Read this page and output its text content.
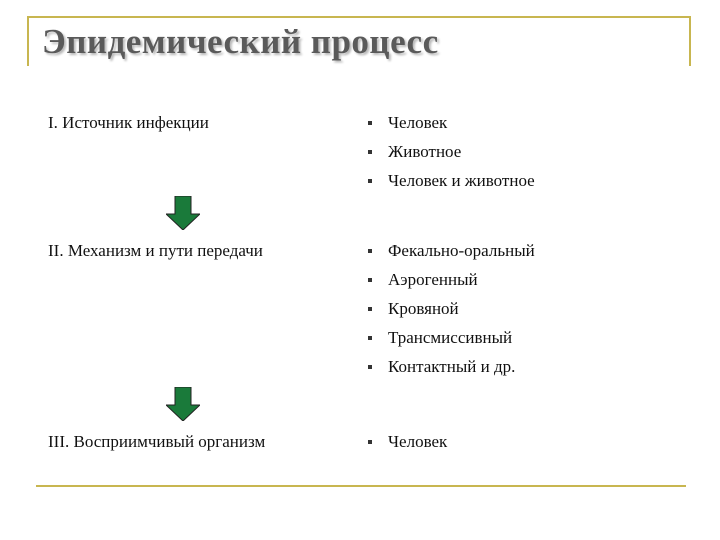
Эпидемический процесс
I. Источник инфекции	Человек
Животное
Человек и животное
II. Механизм и пути передачи	Фекально-оральный
Аэрогенный
Кровяной
Трансмиссивный
Контактный и др.
III. Восприимчивый организм	Человек
